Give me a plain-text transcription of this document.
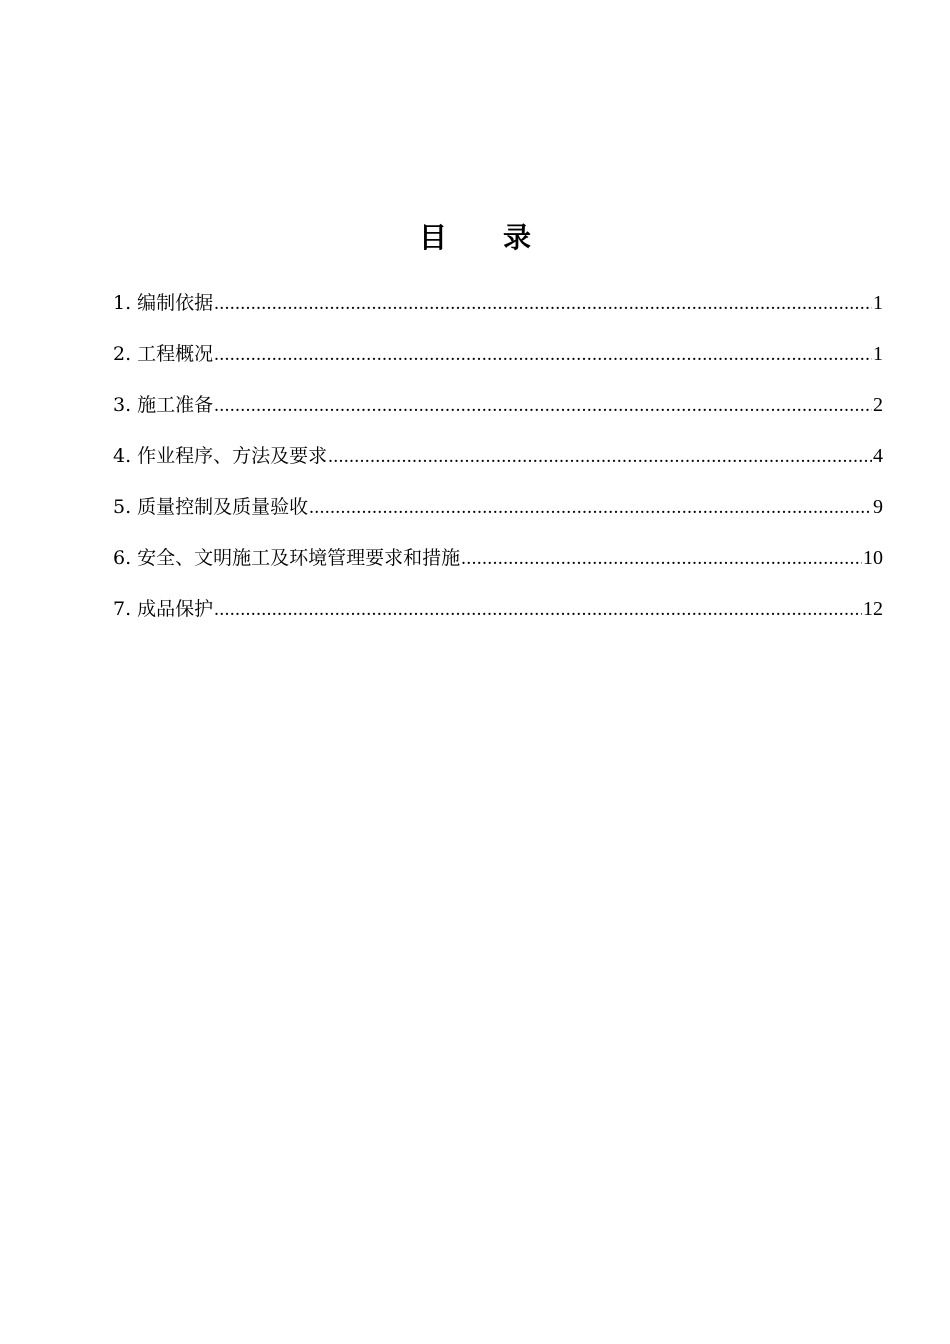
目 录
1. 编制依据 .....	1
2. 工程概况 .....	1
3. 施工准备 .....	2
4. 作业程序、方法及要求 .....	4
5. 质量控制及质量验收 .....	9
6. 安全、文明施工及环境管理要求和措施 .....	10
7. 成品保护 .....	12
